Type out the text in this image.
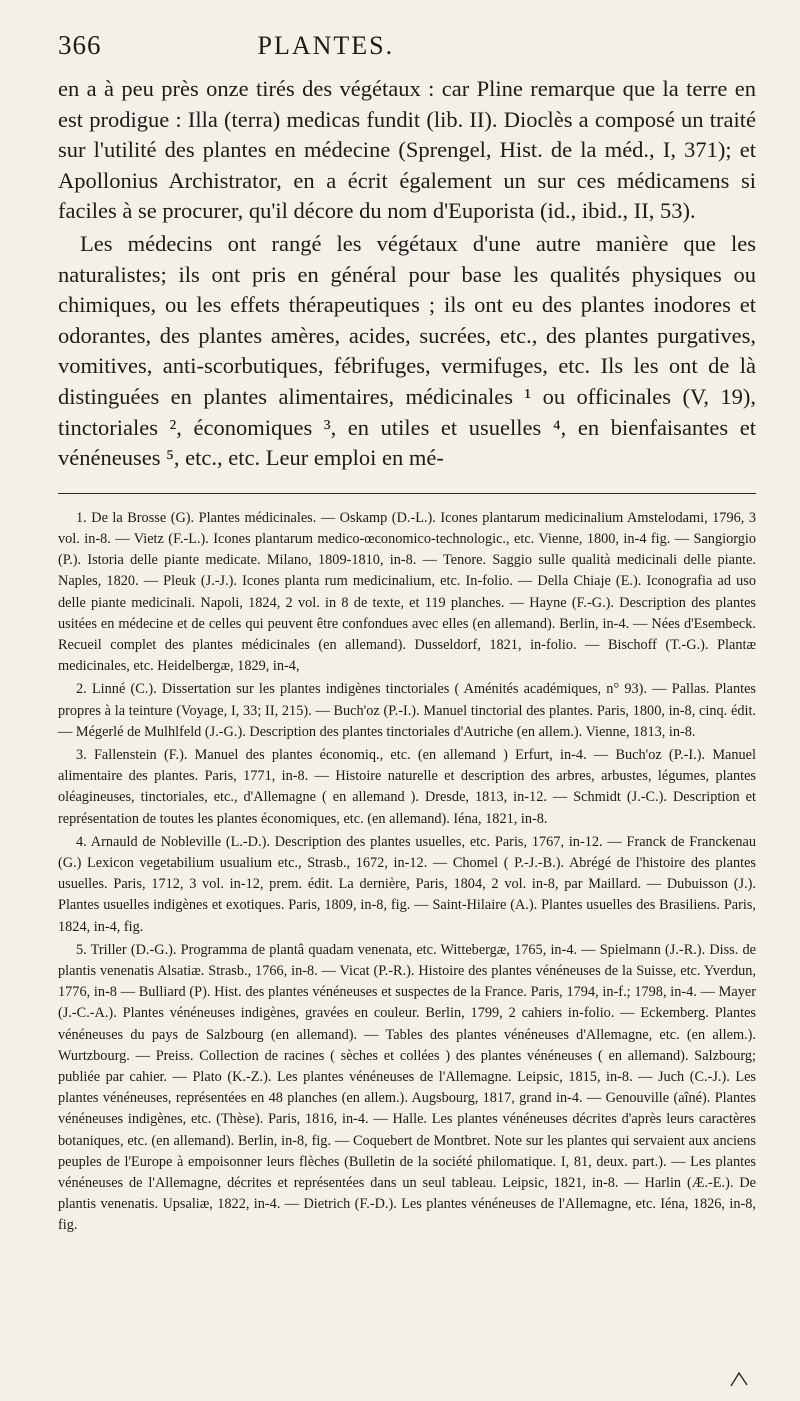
366	PLANTES.

en a à peu près onze tirés des végétaux : car Pline remarque que la terre en est prodigue : Illa (terra) medicas fundit (lib. II). Dioclès a composé un traité sur l'utilité des plantes en médecine (Sprengel, Hist. de la méd., I, 371); et Apollonius Archistrator, en a écrit également un sur ces médicamens si faciles à se procurer, qu'il décore du nom d'Euporista (id., ibid., II, 53).

Les médecins ont rangé les végétaux d'une autre manière que les naturalistes; ils ont pris en général pour base les qualités physiques ou chimiques, ou les effets thérapeutiques ; ils ont eu des plantes inodores et odorantes, des plantes amères, acides, sucrées, etc., des plantes purgatives, vomitives, anti-scorbutiques, fébrifuges, vermifuges, etc. Ils les ont de là distinguées en plantes alimentaires, médicinales ¹ ou officinales (V, 19), tinctoriales ², économiques ³, en utiles et usuelles ⁴, en bienfaisantes et vénéneuses ⁵, etc., etc. Leur emploi en mé-

1. De la Brosse (G). Plantes médicinales. — Oskamp (D.-L.). Icones plantarum medicinalium Amstelodami, 1796, 3 vol. in-8. — Vietz (F.-L.). Icones plantarum medico-œconomico-technologic., etc. Vienne, 1800, in-4 fig. — Sangiorgio (P.). Istoria delle piante medicate. Milano, 1809-1810, in-8. — Tenore. Saggio sulle qualità medicinali delle piante. Naples, 1820. — Pleuk (J.-J.). Icones planta rum medicinalium, etc. In-folio. — Della Chiaje (E.). Iconografia ad uso delle piante medicinali. Napoli, 1824, 2 vol. in 8 de texte, et 119 planches. — Hayne (F.-G.). Description des plantes usitées en médecine et de celles qui peuvent être confondues avec elles (en allemand). Berlin, in-4. — Nées d'Esembeck. Recueil complet des plantes médicinales (en allemand). Dusseldorf, 1821, in-folio. — Bischoff (T.-G.). Plantæ medicinales, etc. Heidelbergæ, 1829, in-4,

2. Linné (C.). Dissertation sur les plantes indigènes tinctoriales ( Aménités académiques, n° 93). — Pallas. Plantes propres à la teinture (Voyage, I, 33; II, 215). — Buch'oz (P.-I.). Manuel tinctorial des plantes. Paris, 1800, in-8, cinq. édit. — Mégerlé de Mulhlfeld (J.-G.). Description des plantes tinctoriales d'Autriche (en allem.). Vienne, 1813, in-8.

3. Fallenstein (F.). Manuel des plantes économiq., etc. (en allemand ) Erfurt, in-4. — Buch'oz (P.-I.). Manuel alimentaire des plantes. Paris, 1771, in-8. — Histoire naturelle et description des arbres, arbustes, légumes, plantes oléagineuses, tinctoriales, etc., d'Allemagne ( en allemand ). Dresde, 1813, in-12. — Schmidt (J.-C.). Description et représentation de toutes les plantes économiques, etc. (en allemand). Iéna, 1821, in-8.

4. Arnauld de Nobleville (L.-D.). Description des plantes usuelles, etc. Paris, 1767, in-12. — Franck de Franckenau (G.) Lexicon vegetabilium usualium etc., Strasb., 1672, in-12. — Chomel ( P.-J.-B.). Abrégé de l'histoire des plantes usuelles. Paris, 1712, 3 vol. in-12, prem. édit. La dernière, Paris, 1804, 2 vol. in-8, par Maillard. — Dubuisson (J.). Plantes usuelles indigènes et exotiques. Paris, 1809, in-8, fig. — Saint-Hilaire (A.). Plantes usuelles des Brasiliens. Paris, 1824, in-4, fig.

5. Triller (D.-G.). Programma de plantâ quadam venenata, etc. Wittebergæ, 1765, in-4. — Spielmann (J.-R.). Diss. de plantis venenatis Alsatiæ. Strasb., 1766, in-8. — Vicat (P.-R.). Histoire des plantes vénéneuses de la Suisse, etc. Yverdun, 1776, in-8 — Bulliard (P). Hist. des plantes vénéneuses et suspectes de la France. Paris, 1794, in-f.; 1798, in-4. — Mayer (J.-C.-A.). Plantes vénéneuses indigènes, gravées en couleur. Berlin, 1799, 2 cahiers in-folio. — Eckemberg. Plantes vénéneuses du pays de Salzbourg (en allemand). — Tables des plantes vénéneuses d'Allemagne, etc. (en allem.). Wurtzbourg. — Preiss. Collection de racines ( sèches et collées ) des plantes vénéneuses ( en allemand). Salzbourg; publiée par cahier. — Plato (K.-Z.). Les plantes vénéneuses de l'Allemagne. Leipsic, 1815, in-8. — Juch (C.-J.). Les plantes vénéneuses, représentées en 48 planches (en allem.). Augsbourg, 1817, grand in-4. — Genouville (aîné). Plantes vénéneuses indigènes, etc. (Thèse). Paris, 1816, in-4. — Halle. Les plantes vénéneuses décrites d'après leurs caractères botaniques, etc. (en allemand). Berlin, in-8, fig. — Coquebert de Montbret. Note sur les plantes qui servaient aux anciens peuples de l'Europe à empoisonner leurs flèches (Bulletin de la société philomatique. I, 81, deux. part.). — Les plantes vénéneuses de l'Allemagne, décrites et représentées dans un seul tableau. Leipsic, 1821, in-8. — Harlin (Æ.-E.). De plantis venenatis. Upsaliæ, 1822, in-4. — Dietrich (F.-D.). Les plantes vénéneuses de l'Allemagne, etc. Iéna, 1826, in-8, fig.
